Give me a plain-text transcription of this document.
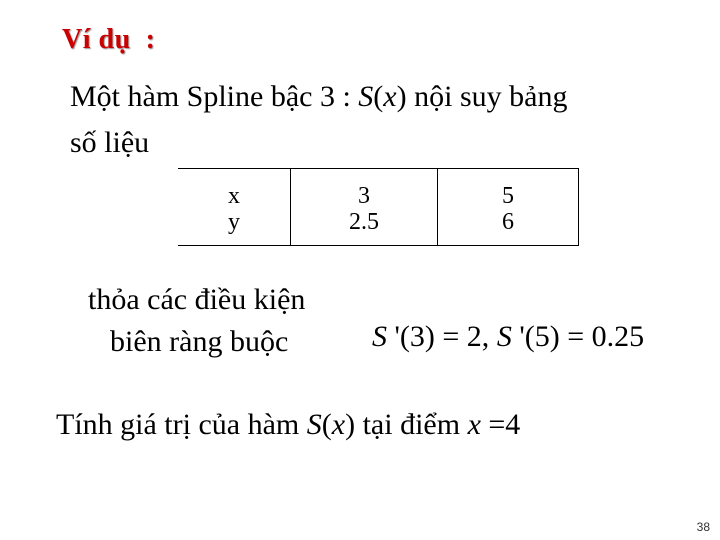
Ví dụ  :
Một hàm Spline bậc 3 : S(x) nội suy bảng
số liệu
x	3	5
y	2.5	6
thỏa các điều kiện
biên ràng buộc	S '(3) = 2, S '(5) = 0.25
Tính giá trị của hàm S(x) tại điểm x =4
38
